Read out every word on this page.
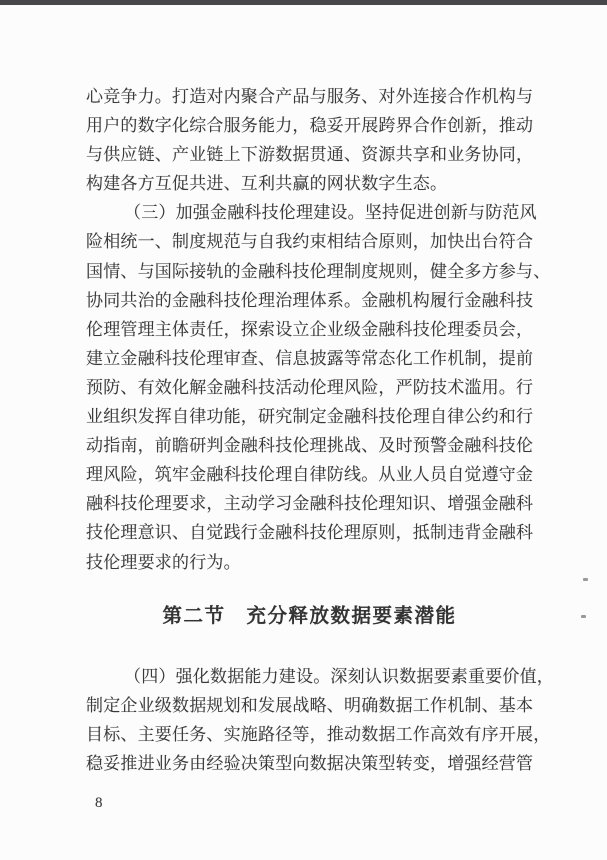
心竞争力。打造对内聚合产品与服务、对外连接合作机构与
用户的数字化综合服务能力，稳妥开展跨界合作创新，推动
与供应链、产业链上下游数据贯通、资源共享和业务协同，
构建各方互促共进、互利共赢的网状数字生态。
（三）加强金融科技伦理建设。坚持促进创新与防范风
险相统一、制度规范与自我约束相结合原则，加快出台符合
国情、与国际接轨的金融科技伦理制度规则，健全多方参与、
协同共治的金融科技伦理治理体系。金融机构履行金融科技
伦理管理主体责任，探索设立企业级金融科技伦理委员会，
建立金融科技伦理审查、信息披露等常态化工作机制，提前
预防、有效化解金融科技活动伦理风险，严防技术滥用。行
业组织发挥自律功能，研究制定金融科技伦理自律公约和行
动指南，前瞻研判金融科技伦理挑战、及时预警金融科技伦
理风险，筑牢金融科技伦理自律防线。从业人员自觉遵守金
融科技伦理要求，主动学习金融科技伦理知识、增强金融科
技伦理意识、自觉践行金融科技伦理原则，抵制违背金融科
技伦理要求的行为。
第二节　充分释放数据要素潜能
（四）强化数据能力建设。深刻认识数据要素重要价值，
制定企业级数据规划和发展战略、明确数据工作机制、基本
目标、主要任务、实施路径等，推动数据工作高效有序开展，
稳妥推进业务由经验决策型向数据决策型转变，增强经营管
8
